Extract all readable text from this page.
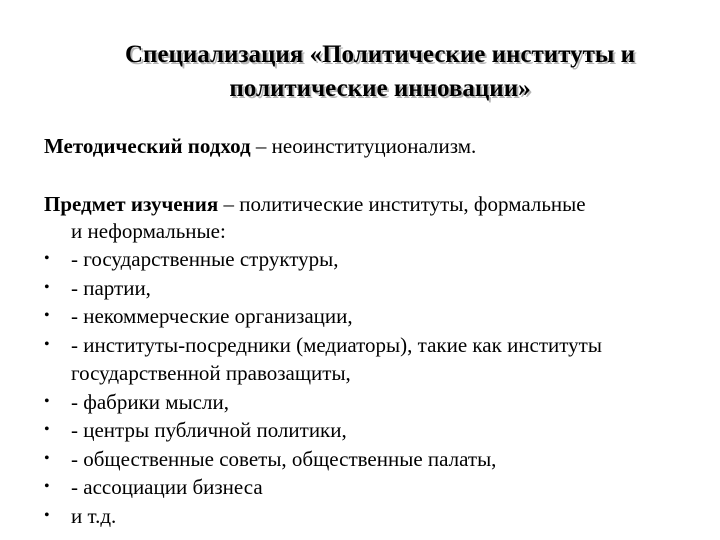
Специализация «Политические институты и
политические инновации»
Методический подход – неоинституционализм.
Предмет изучения – политические институты, формальные
и неформальные:
• - государственные структуры,
• - партии,
• - некоммерческие организации,
• - институты-посредники (медиаторы), такие как институты
государственной правозащиты,
• - фабрики мысли,
• - центры публичной политики,
• - общественные советы, общественные палаты,
• - ассоциации бизнеса
• и т.д.
